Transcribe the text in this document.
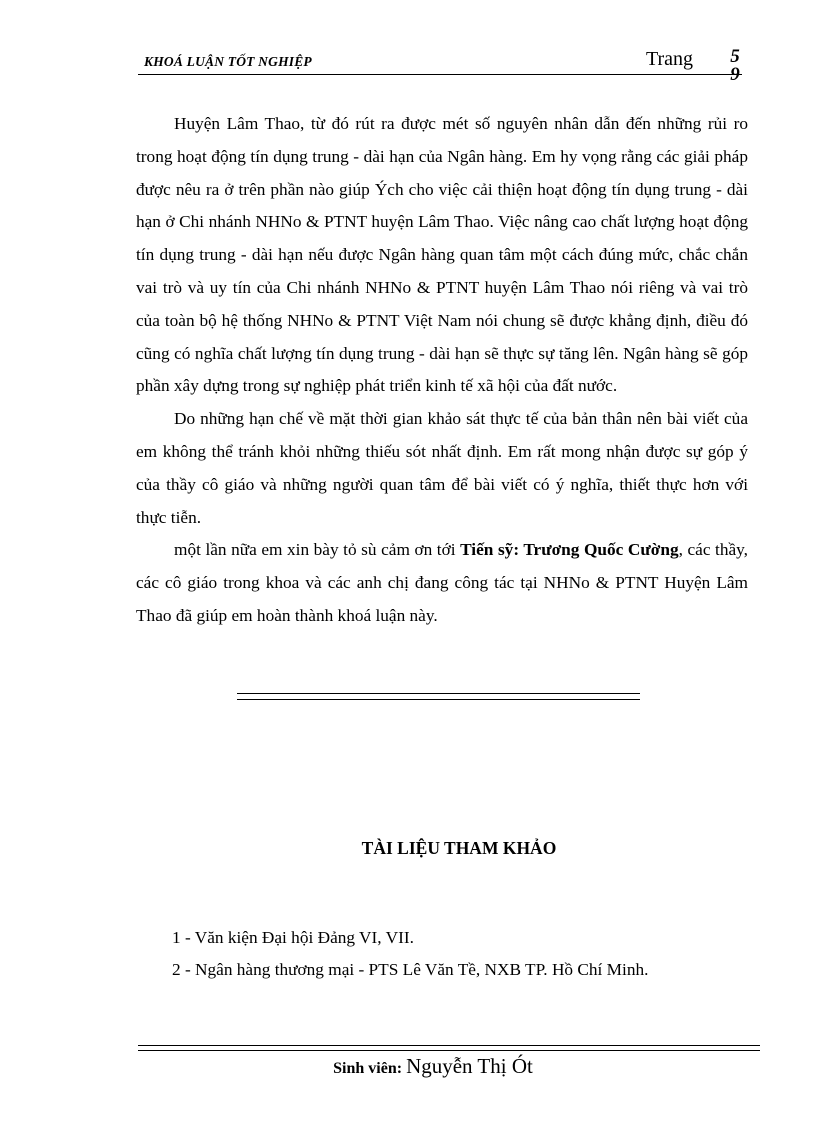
KHOÁ LUẬN TỐT NGHIỆP	Trang 5

Huyện Lâm Thao, từ đó rút ra được mét số nguyên nhân dẫn đến những rủi ro trong hoạt động tín dụng trung - dài hạn của Ngân hàng. Em hy vọng rằng các giải pháp được nêu ra ở trên phần nào giúp Ých cho việc cải thiện hoạt động tín dụng trung - dài hạn ở Chi nhánh NHNo & PTNT huyện Lâm Thao. Việc nâng cao chất lượng hoạt động tín dụng trung - dài hạn nếu được Ngân hàng quan tâm một cách đúng mức, chắc chắn vai trò và uy tín của Chi nhánh NHNo & PTNT huyện Lâm Thao nói riêng và vai trò của toàn bộ hệ thống NHNo & PTNT Việt Nam nói chung sẽ được khẳng định, điều đó cũng có nghĩa chất lượng tín dụng trung - dài hạn sẽ thực sự tăng lên. Ngân hàng sẽ góp phần xây dựng trong sự nghiệp phát triển kinh tế xã hội của đất nước.

Do những hạn chế về mặt thời gian khảo sát thực tế của bản thân nên bài viết của em không thể tránh khỏi những thiếu sót nhất định. Em rất mong nhận được sự góp ý của thầy cô giáo và những người quan tâm để bài viết có ý nghĩa, thiết thực hơn với thực tiễn.

một lần nữa em xin bày tỏ sù cảm ơn tới Tiến sỹ: Trương Quốc Cường, các thầy, các cô giáo trong khoa và các anh chị đang công tác tại NHNo & PTNT Huyện Lâm Thao đã giúp em hoàn thành khoá luận này.

TÀI LIỆU THAM KHẢO
1 - Văn kiện Đại hội Đảng VI, VII.
2 - Ngân hàng thương mại - PTS Lê Văn Tề, NXB TP. Hồ Chí Minh.
Sinh viên: Nguyễn Thị Ót
